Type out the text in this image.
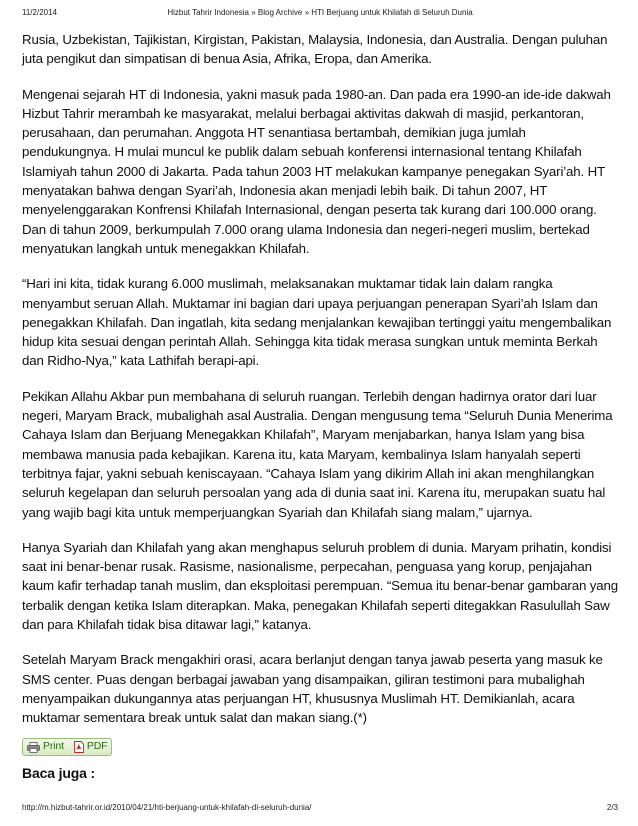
11/2/2014	Hizbut Tahrir Indonesia » Blog Archive » HTI Berjuang untuk Khilafah di Seluruh Dunia

Rusia, Uzbekistan, Tajikistan, Kirgistan, Pakistan, Malaysia, Indonesia, dan Australia. Dengan puluhan juta pengikut dan simpatisan di benua Asia, Afrika, Eropa, dan Amerika.

Mengenai sejarah HT di Indonesia, yakni masuk pada 1980-an. Dan pada era 1990-an ide-ide dakwah Hizbut Tahrir merambah ke masyarakat, melalui berbagai aktivitas dakwah di masjid, perkantoran, perusahaan, dan perumahan. Anggota HT senantiasa bertambah, demikian juga jumlah pendukungnya. H mulai muncul ke publik dalam sebuah konferensi internasional tentang Khilafah Islamiyah tahun 2000 di Jakarta. Pada tahun 2003 HT melakukan kampanye penegakan Syari’ah. HT menyatakan bahwa dengan Syari’ah, Indonesia akan menjadi lebih baik. Di tahun 2007, HT menyelenggarakan Konfrensi Khilafah Internasional, dengan peserta tak kurang dari 100.000 orang. Dan di tahun 2009, berkumpulah 7.000 orang ulama Indonesia dan negeri-negeri muslim, bertekad menyatukan langkah untuk menegakkan Khilafah.

“Hari ini kita, tidak kurang 6.000 muslimah, melaksanakan muktamar tidak lain dalam rangka menyambut seruan Allah. Muktamar ini bagian dari upaya perjuangan penerapan Syari’ah Islam dan penegakkan Khilafah. Dan ingatlah, kita sedang menjalankan kewajiban tertinggi yaitu mengembalikan hidup kita sesuai dengan perintah Allah. Sehingga kita tidak merasa sungkan untuk meminta Berkah dan Ridho-Nya,” kata Lathifah berapi-api.

Pekikan Allahu Akbar pun membahana di seluruh ruangan. Terlebih dengan hadirnya orator dari luar negeri, Maryam Brack, mubalighah asal Australia. Dengan mengusung tema “Seluruh Dunia Menerima Cahaya Islam dan Berjuang Menegakkan Khilafah”, Maryam menjabarkan, hanya Islam yang bisa membawa manusia pada kebajikan. Karena itu, kata Maryam, kembalinya Islam hanyalah seperti terbitnya fajar, yakni sebuah keniscayaan. “Cahaya Islam yang dikirim Allah ini akan menghilangkan seluruh kegelapan dan seluruh persoalan yang ada di dunia saat ini. Karena itu, merupakan suatu hal yang wajib bagi kita untuk memperjuangkan Syariah dan Khilafah siang malam,” ujarnya.

Hanya Syariah dan Khilafah yang akan menghapus seluruh problem di dunia. Maryam prihatin, kondisi saat ini benar-benar rusak. Rasisme, nasionalisme, perpecahan, penguasa yang korup, penjajahan kaum kafir terhadap tanah muslim, dan eksploitasi perempuan. “Semua itu benar-benar gambaran yang terbalik dengan ketika Islam diterapkan. Maka, penegakan Khilafah seperti ditegakkan Rasulullah Saw dan para Khilafah tidak bisa ditawar lagi,” katanya.

Setelah Maryam Brack mengakhiri orasi, acara berlanjut dengan tanya jawab peserta yang masuk ke SMS center. Puas dengan berbagai jawaban yang disampaikan, giliran testimoni para mubalighah menyampaikan dukungannya atas perjuangan HT, khususnya Muslimah HT. Demikianlah, acara muktamar sementara break untuk salat dan makan siang.(*)

Print PDF
Baca juga :
http://m.hizbut-tahrir.or.id/2010/04/21/hti-berjuang-untuk-khilafah-di-seluruh-dunia/	2/3
